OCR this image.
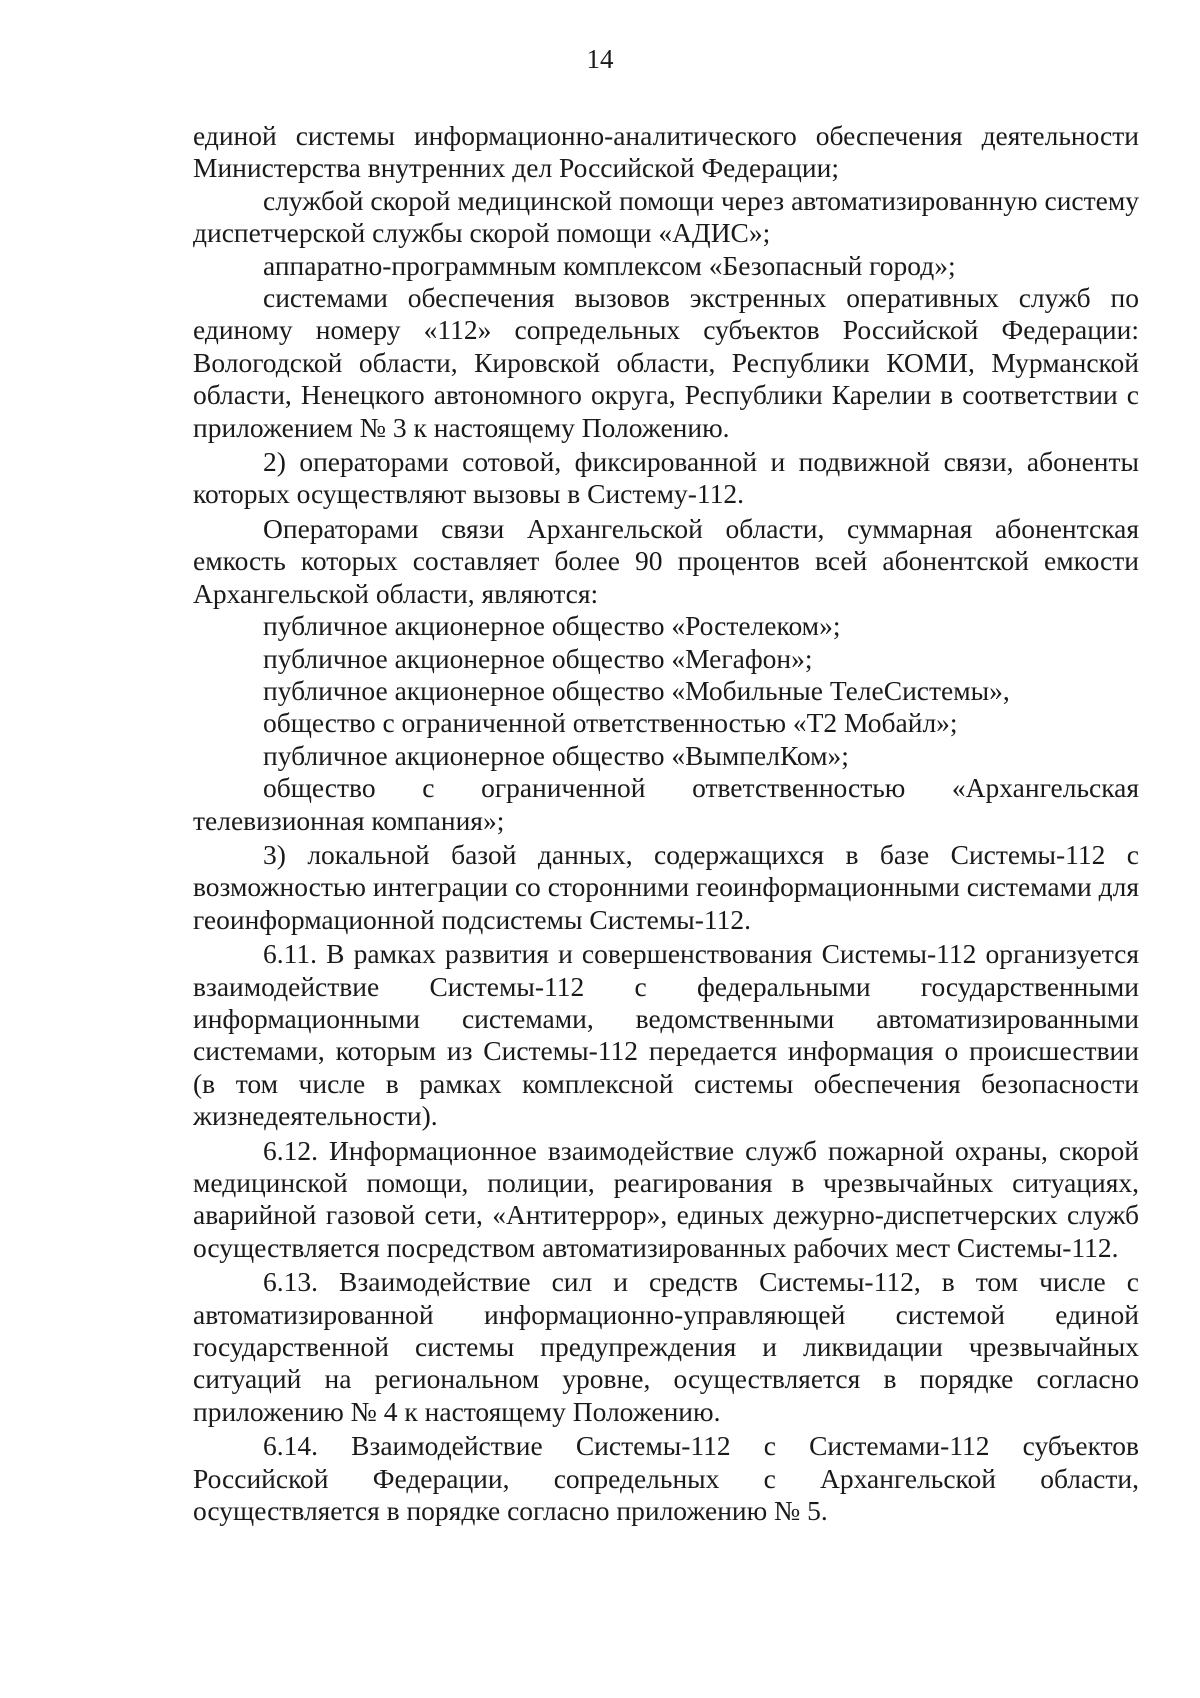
14

единой системы информационно-аналитического обеспечения деятельности Министерства внутренних дел Российской Федерации;

службой скорой медицинской помощи через автоматизированную систему диспетчерской службы скорой помощи «АДИС»;

аппаратно-программным комплексом «Безопасный город»;

системами обеспечения вызовов экстренных оперативных служб по единому номеру «112» сопредельных субъектов Российской Федерации: Вологодской области, Кировской области, Республики КОМИ, Мурманской области, Ненецкого автономного округа, Республики Карелии в соответствии с приложением № 3 к настоящему Положению.

2) операторами сотовой, фиксированной и подвижной связи, абоненты которых осуществляют вызовы в Систему-112.

Операторами связи Архангельской области, суммарная абонентская емкость которых составляет более 90 процентов всей абонентской емкости Архангельской области, являются:

публичное акционерное общество «Ростелеком»;

публичное акционерное общество «Мегафон»;

публичное акционерное общество «Мобильные ТелеСистемы»,

общество с ограниченной ответственностью «Т2 Мобайл»;

публичное акционерное общество «ВымпелКом»;

общество с ограниченной ответственностью «Архангельская телевизионная компания»;

3) локальной базой данных, содержащихся в базе Системы-112 с возможностью интеграции со сторонними геоинформационными системами для геоинформационной подсистемы Системы-112.

6.11. В рамках развития и совершенствования Системы-112 организуется взаимодействие Системы-112 с федеральными государственными информационными системами, ведомственными автоматизированными системами, которым из Системы-112 передается информация о происшествии (в том числе в рамках комплексной системы обеспечения безопасности жизнедеятельности).

6.12. Информационное взаимодействие служб пожарной охраны, скорой медицинской помощи, полиции, реагирования в чрезвычайных ситуациях, аварийной газовой сети, «Антитеррор», единых дежурно-диспетчерских служб осуществляется посредством автоматизированных рабочих мест Системы-112.

6.13. Взаимодействие сил и средств Системы-112, в том числе с автоматизированной информационно-управляющей системой единой государственной системы предупреждения и ликвидации чрезвычайных ситуаций на региональном уровне, осуществляется в порядке согласно приложению № 4 к настоящему Положению.

6.14. Взаимодействие Системы-112 с Системами-112 субъектов Российской Федерации, сопредельных с Архангельской области, осуществляется в порядке согласно приложению № 5.
